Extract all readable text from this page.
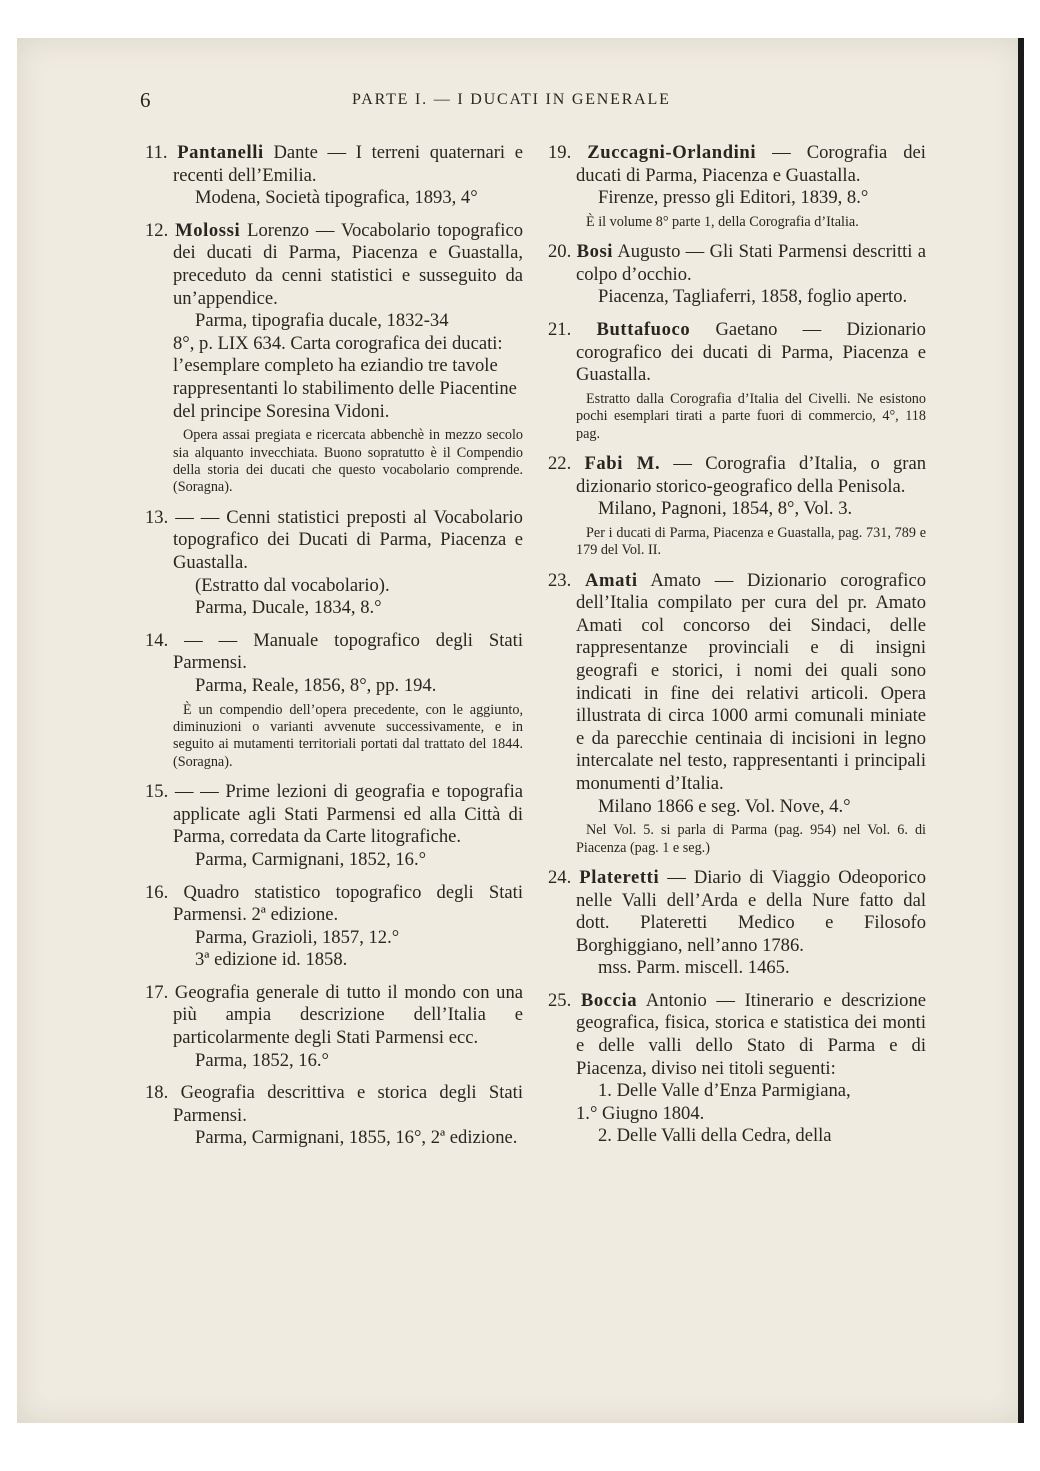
6	PARTE I. — I DUCATI IN GENERALE
11. Pantanelli Dante — I terreni quaternari e recenti dell’Emilia.
Modena, Società tipografica, 1893, 4°
12. Molossi Lorenzo — Vocabolario topografico dei ducati di Parma, Piacenza e Guastalla, preceduto da cenni statistici e susseguito da un’appendice.
Parma, tipografia ducale, 1832-34
8°, p. LIX 634. Carta corografica dei ducati: l’esemplare completo ha eziandio tre tavole rappresentanti lo stabilimento delle Piacentine del principe Soresina Vidoni.
Opera assai pregiata e ricercata abbenchè in mezzo secolo sia alquanto invecchiata. Buono sopratutto è il Compendio della storia dei ducati che questo vocabolario comprende. (Soragna).
13. — — Cenni statistici preposti al Vocabolario topografico dei Ducati di Parma, Piacenza e Guastalla.
(Estratto dal vocabolario).
Parma, Ducale, 1834, 8.°
14. — — Manuale topografico degli Stati Parmensi.
Parma, Reale, 1856, 8°, pp. 194.
È un compendio dell’opera precedente, con le aggiunto, diminuzioni o varianti avvenute successivamente, e in seguito ai mutamenti territoriali portati dal trattato del 1844. (Soragna).
15. — — Prime lezioni di geografia e topografia applicate agli Stati Parmensi ed alla Città di Parma, corredata da Carte litografiche.
Parma, Carmignani, 1852, 16.°
16. Quadro statistico topografico degli Stati Parmensi. 2ª edizione.
Parma, Grazioli, 1857, 12.°
3ª edizione id. 1858.
17. Geografia generale di tutto il mondo con una più ampia descrizione dell’Italia e particolarmente degli Stati Parmensi ecc.
Parma, 1852, 16.°
18. Geografia descrittiva e storica degli Stati Parmensi.
Parma, Carmignani, 1855, 16°, 2ª edizione.
19. Zuccagni-Orlandini — Corografia dei ducati di Parma, Piacenza e Guastalla.
Firenze, presso gli Editori, 1839, 8.°
È il volume 8° parte 1, della Corografia d’Italia.
20. Bosi Augusto — Gli Stati Parmensi descritti a colpo d’occhio.
Piacenza, Tagliaferri, 1858, foglio aperto.
21. Buttafuoco Gaetano — Dizionario corografico dei ducati di Parma, Piacenza e Guastalla.
Estratto dalla Corografia d’Italia del Civelli. Ne esistono pochi esemplari tirati a parte fuori di commercio, 4°, 118 pag.
22. Fabi M. — Corografia d’Italia, o gran dizionario storico-geografico della Penisola.
Milano, Pagnoni, 1854, 8°, Vol. 3.
Per i ducati di Parma, Piacenza e Guastalla, pag. 731, 789 e 179 del Vol. II.
23. Amati Amato — Dizionario corografico dell’Italia compilato per cura del pr. Amato Amati col concorso dei Sindaci, delle rappresentanze provinciali e di insigni geografi e storici, i nomi dei quali sono indicati in fine dei relativi articoli. Opera illustrata di circa 1000 armi comunali miniate e da parecchie centinaia di incisioni in legno intercalate nel testo, rappresentanti i principali monumenti d’Italia.
Milano 1866 e seg. Vol. Nove, 4.°
Nel Vol. 5. si parla di Parma (pag. 954) nel Vol. 6. di Piacenza (pag. 1 e seg.)
24. Plateretti — Diario di Viaggio Odeoporico nelle Valli dell’Arda e della Nure fatto dal dott. Plateretti Medico e Filosofo Borghiggiano, nell’anno 1786.
mss. Parm. miscell. 1465.
25. Boccia Antonio — Itinerario e descrizione geografica, fisica, storica e statistica dei monti e delle valli dello Stato di Parma e di Piacenza, diviso nei titoli seguenti:
1. Delle Valle d’Enza Parmigiana,
1.° Giugno 1804.
2. Delle Valli della Cedra, della
